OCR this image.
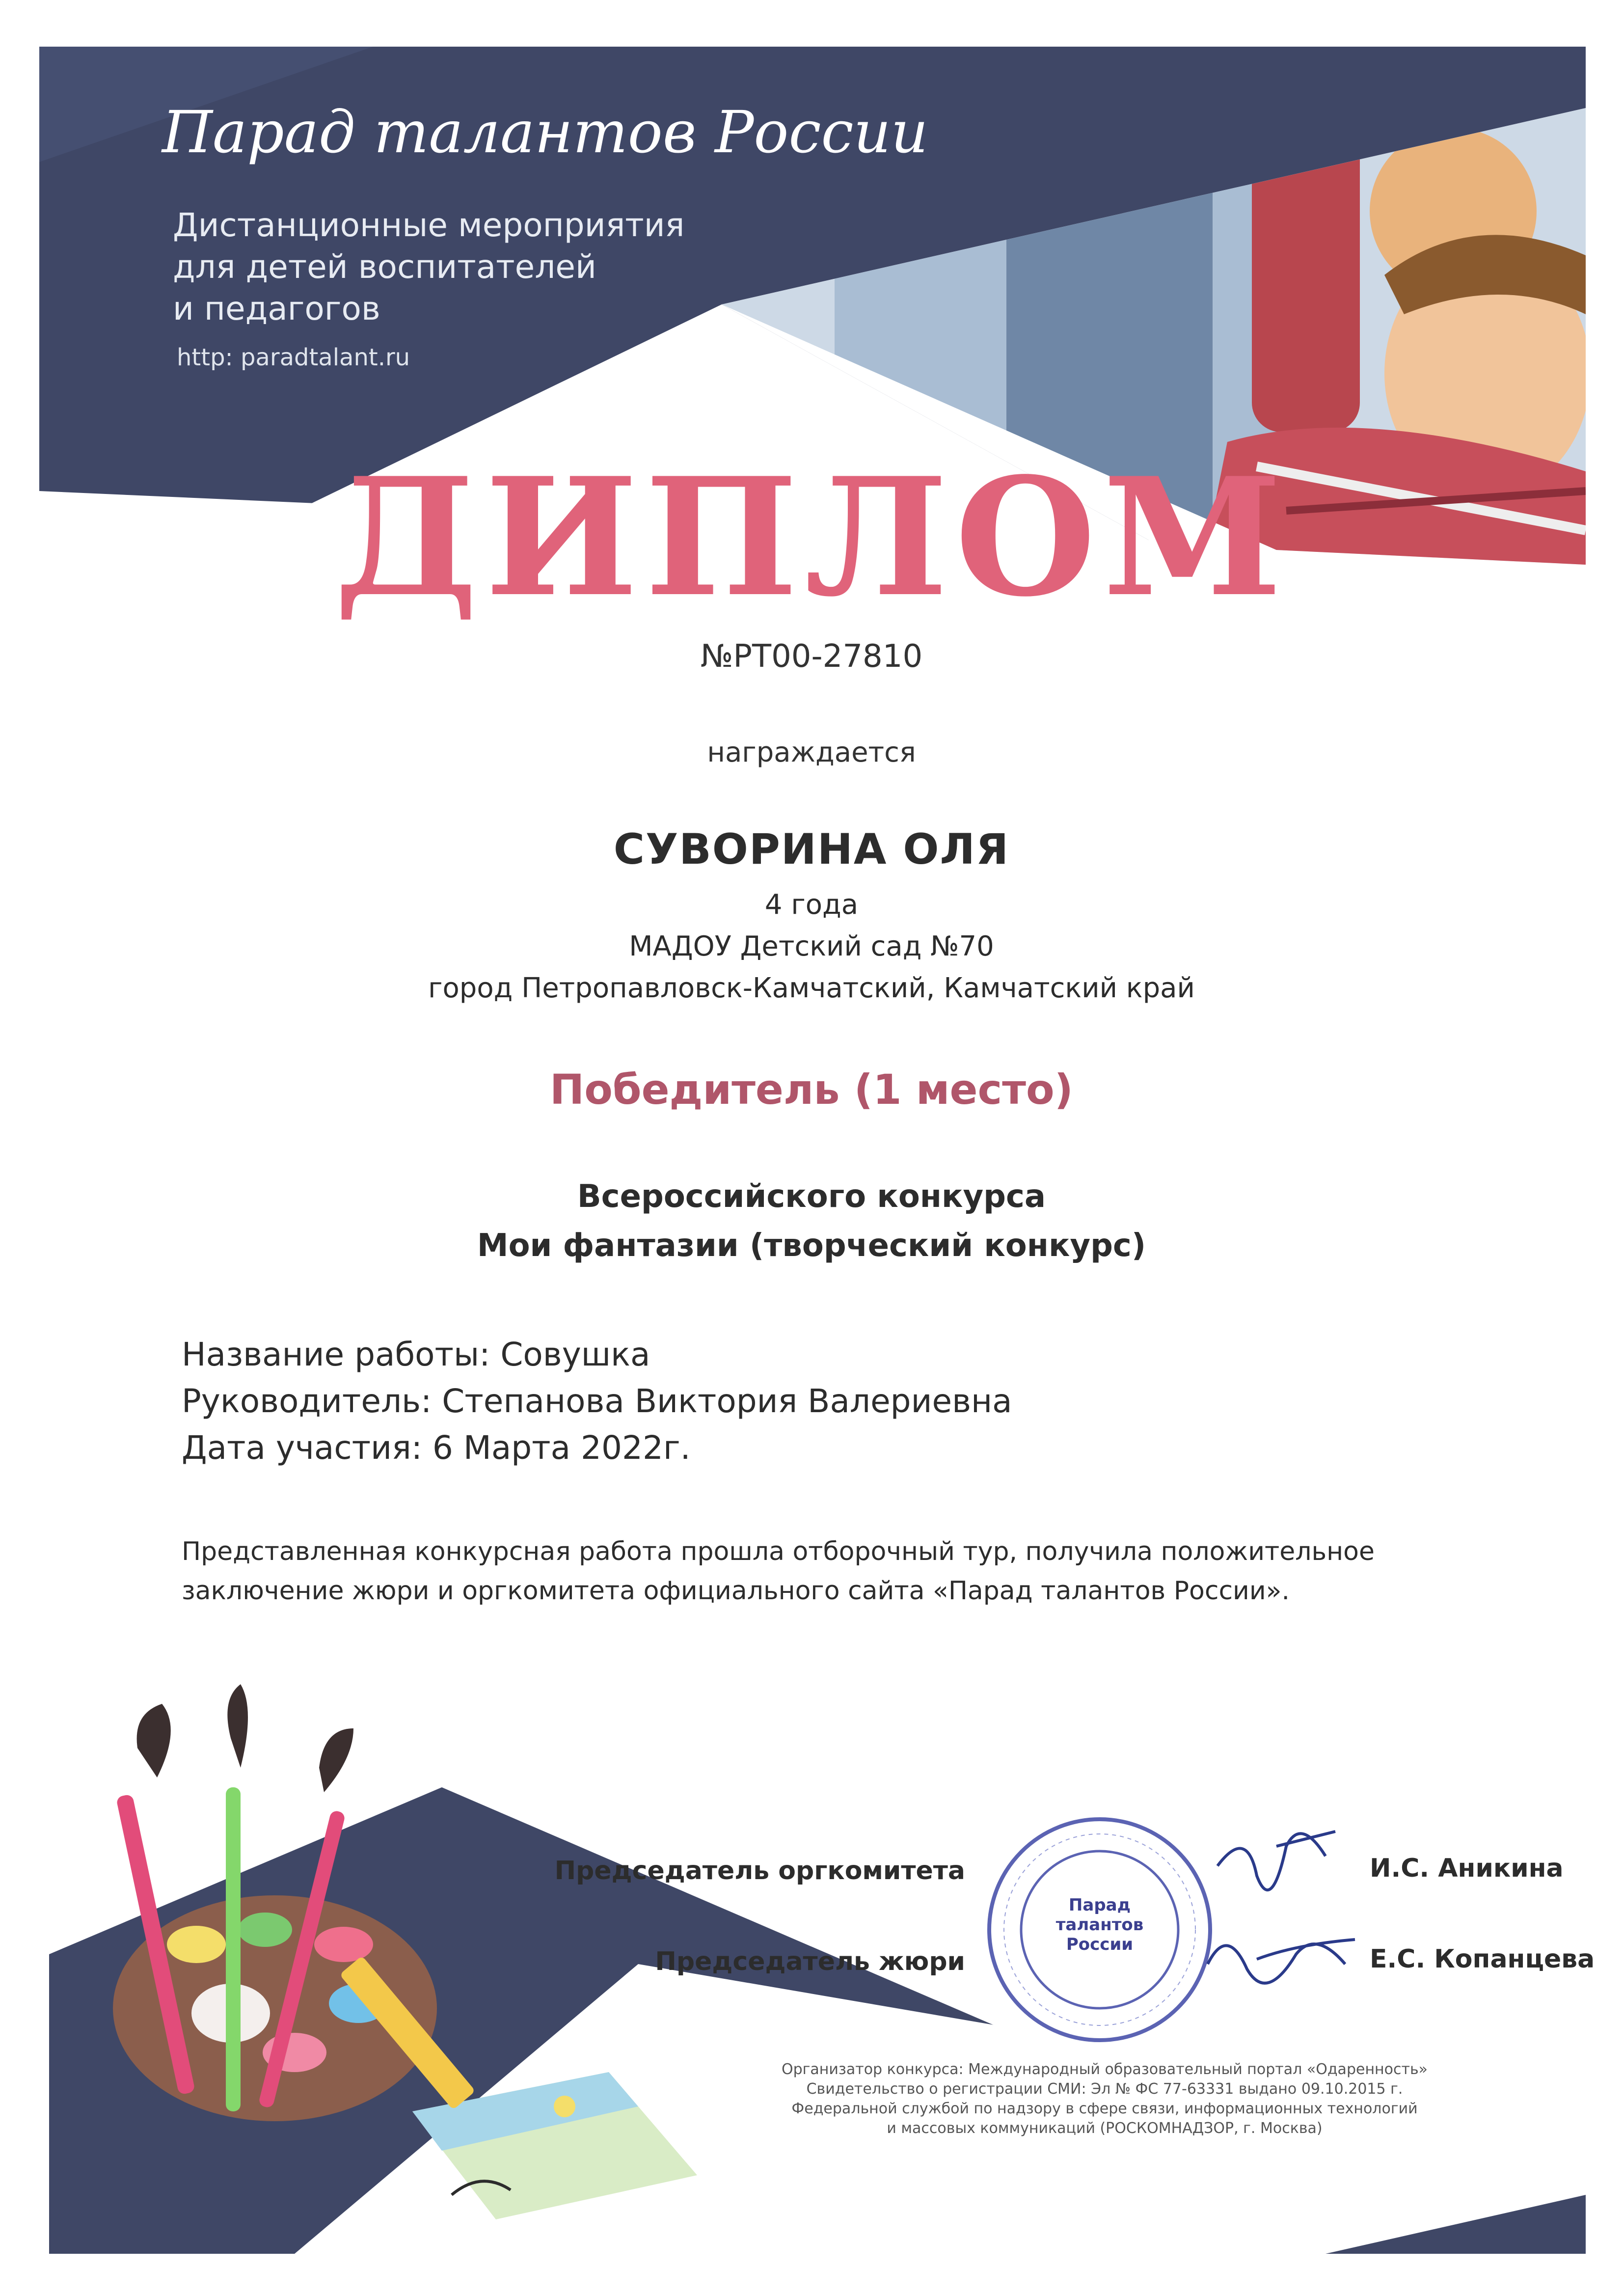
Парад талантов России
Дистанционные мероприятия
для детей воспитателей
и педагогов
http: paradtalant.ru
ДИПЛОМ
№РТ00-27810
награждается
СУВОРИНА ОЛЯ
4 года
МАДОУ Детский сад №70
город Петропавловск-Камчатский, Камчатский край
Победитель (1 место)
Всероссийского конкурса
Мои фантазии (творческий конкурс)
Название работы: Совушка
Руководитель: Степанова Виктория Валериевна
Дата участия: 6 Марта 2022г.
Представленная конкурсная работа прошла отборочный тур, получила положительное
заключение жюри и оргкомитета официального сайта «Парад талантов России».
Председатель оргкомитета	И.С. Аникина
Председатель жюри	Е.С. Копанцева
Парад
талантов
России
Организатор конкурса: Международный образовательный портал «Одаренность»
Свидетельство о регистрации СМИ: Эл № ФС 77-63331 выдано 09.10.2015 г.
Федеральной службой по надзору в сфере связи, информационных технологий
и массовых коммуникаций (РОСКОМНАДЗОР, г. Москва)
